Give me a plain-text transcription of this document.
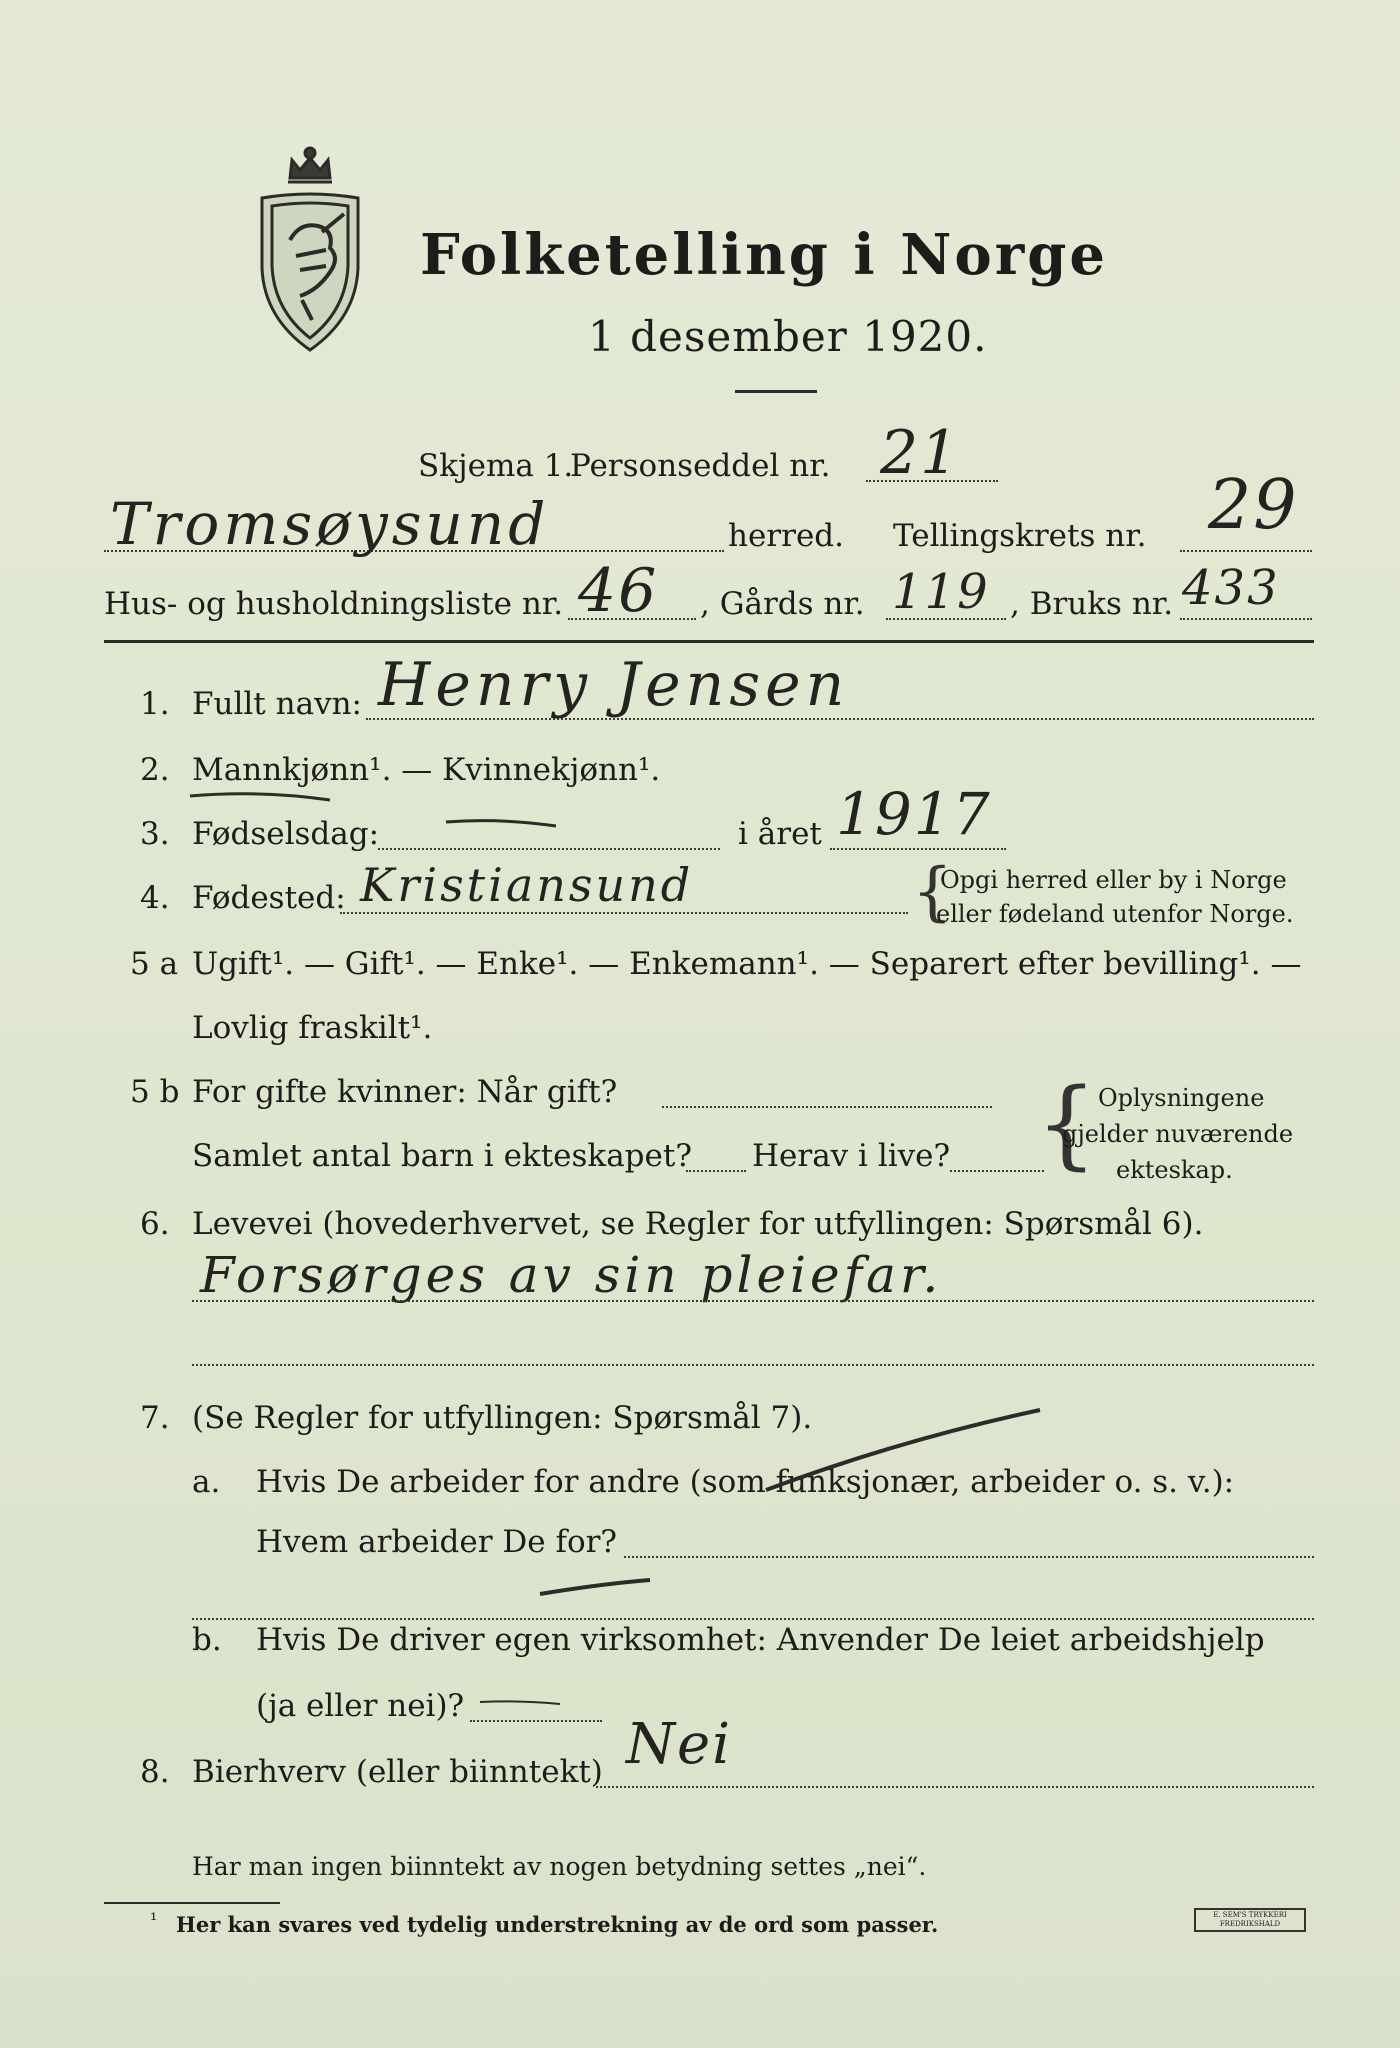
Folketelling i Norge
1 desember 1920.
Skjema 1.
Personseddel nr. 21
Tromsøysund	herred. Tellingskrets nr. 29
Hus- og husholdningsliste nr. 46 , Gårds nr. 119 , Bruks nr. 433
1. Fullt navn: Henry Jensen
2. Mannkjønn¹. — Kvinnekjønn¹.
3. Fødselsdag:	i året 1917
4. Fødested: Kristiansund	{
Opgi herred eller by i Norge
eller fødeland utenfor Norge.
5 a Ugift¹. — Gift¹. — Enke¹. — Enkemann¹. — Separert efter bevilling¹. —
Lovlig fraskilt¹.
5 b For gifte kvinner: Når gift?
Samlet antal barn i ekteskapet? Herav i live? { Oplysningene
gjelder nuværende
ekteskap.
6. Levevei (hovederhvervet, se Regler for utfyllingen: Spørsmål 6).
Forsørges av sin pleiefar.
7. (Se Regler for utfyllingen: Spørsmål 7).
a. Hvis De arbeider for andre (som funksjonær, arbeider o. s. v.):
Hvem arbeider De for?
b. Hvis De driver egen virksomhet: Anvender De leiet arbeidshjelp
(ja eller nei)?
8. Bierhverv (eller biinntekt) Nei
Har man ingen biinntekt av nogen betydning settes „nei“.
¹ Her kan svares ved tydelig understrekning av de ord som passer.	E. SEM'S TRYKKERI FREDRIKSHALD
